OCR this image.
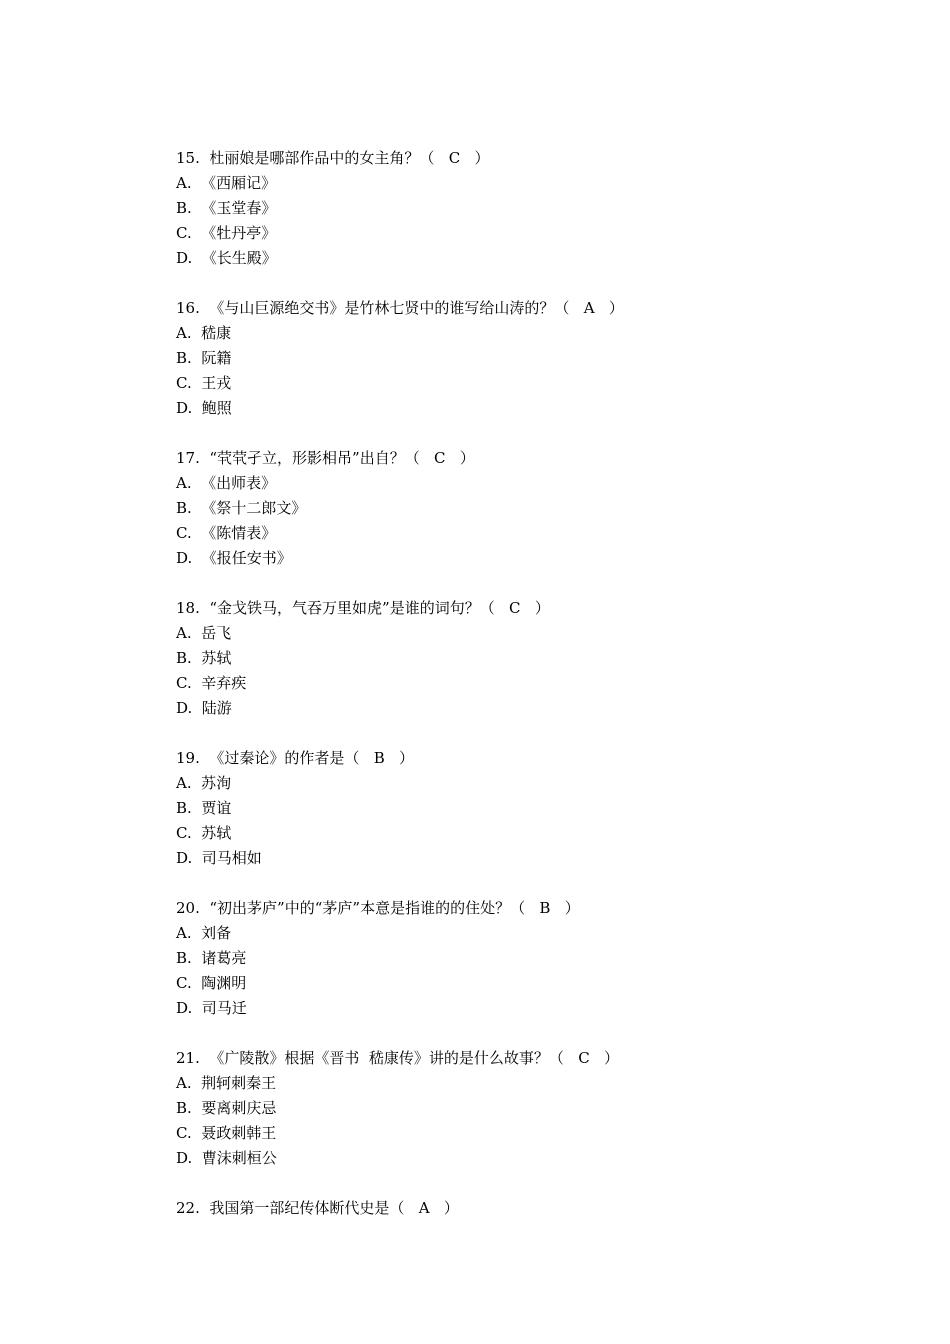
15.  杜丽娘是哪部作品中的女主角？（   C   ）
A.  《西厢记》
B.  《玉堂春》
C.  《牡丹亭》
D.  《长生殿》
16.  《与山巨源绝交书》是竹林七贤中的谁写给山涛的？（   A   ）
A.  嵇康
B.  阮籍
C.  王戎
D.  鲍照
17.  “茕茕孑立，形影相吊”出自？（   C   ）
A.  《出师表》
B.  《祭十二郎文》
C.  《陈情表》
D.  《报任安书》
18.  “金戈铁马，气吞万里如虎”是谁的词句？（   C   ）
A.  岳飞
B.  苏轼
C.  辛弃疾
D.  陆游
19.  《过秦论》的作者是（   B   ）
A.  苏洵
B.  贾谊
C.  苏轼
D.  司马相如
20.  “初出茅庐”中的“茅庐”本意是指谁的的住处？（   B   ）
A.  刘备
B.  诸葛亮
C.  陶渊明
D.  司马迁
21.  《广陵散》根据《晋书  嵇康传》讲的是什么故事？（   C   ）
A.  荆轲刺秦王
B.  要离刺庆忌
C.  聂政刺韩王
D.  曹沫刺桓公
22.  我国第一部纪传体断代史是（   A   ）
